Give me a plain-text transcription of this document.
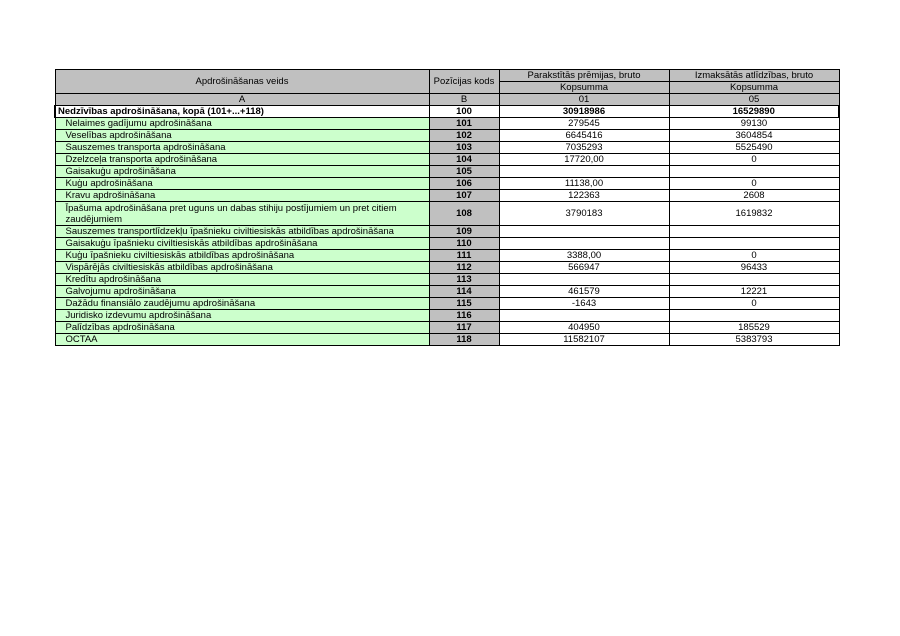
Apdrošināšanas veids	Pozīcijas kods	Parakstītās prēmijas, bruto	Izmaksātās atlīdzības, bruto
		Kopsumma	Kopsumma
A	B	01	05
Nedzīvības apdrošināšana, kopā (101+...+118)	100	30918986	16529890
Nelaimes gadījumu apdrošināšana	101	279545	99130
Veselības apdrošināšana	102	6645416	3604854
Sauszemes transporta apdrošināšana	103	7035293	5525490
Dzelzceļa transporta apdrošināšana	104	17720,00	0
Gaisakuģu apdrošināšana	105		
Kuģu apdrošināšana	106	11138,00	0
Kravu apdrošināšana	107	122363	2608
Īpašuma apdrošināšana pret uguns un dabas stihiju postījumiem un pret citiem zaudējumiem	108	3790183	1619832
Sauszemes transportlīdzekļu īpašnieku civiltiesiskās atbildības apdrošināšana	109		
Gaisakuģu īpašnieku civiltiesiskās atbildības apdrošināšana	110		
Kuģu īpašnieku civiltiesiskās atbildības apdrošināšana	111	3388,00	0
Vispārējās civiltiesiskās atbildības apdrošināšana	112	566947	96433
Kredītu apdrošināšana	113		
Galvojumu apdrošināšana	114	461579	12221
Dažādu finansiālo zaudējumu apdrošināšana	115	-1643	0
Juridisko izdevumu apdrošināšana	116		
Palīdzības apdrošināšana	117	404950	185529
OCTAA	118	11582107	5383793
